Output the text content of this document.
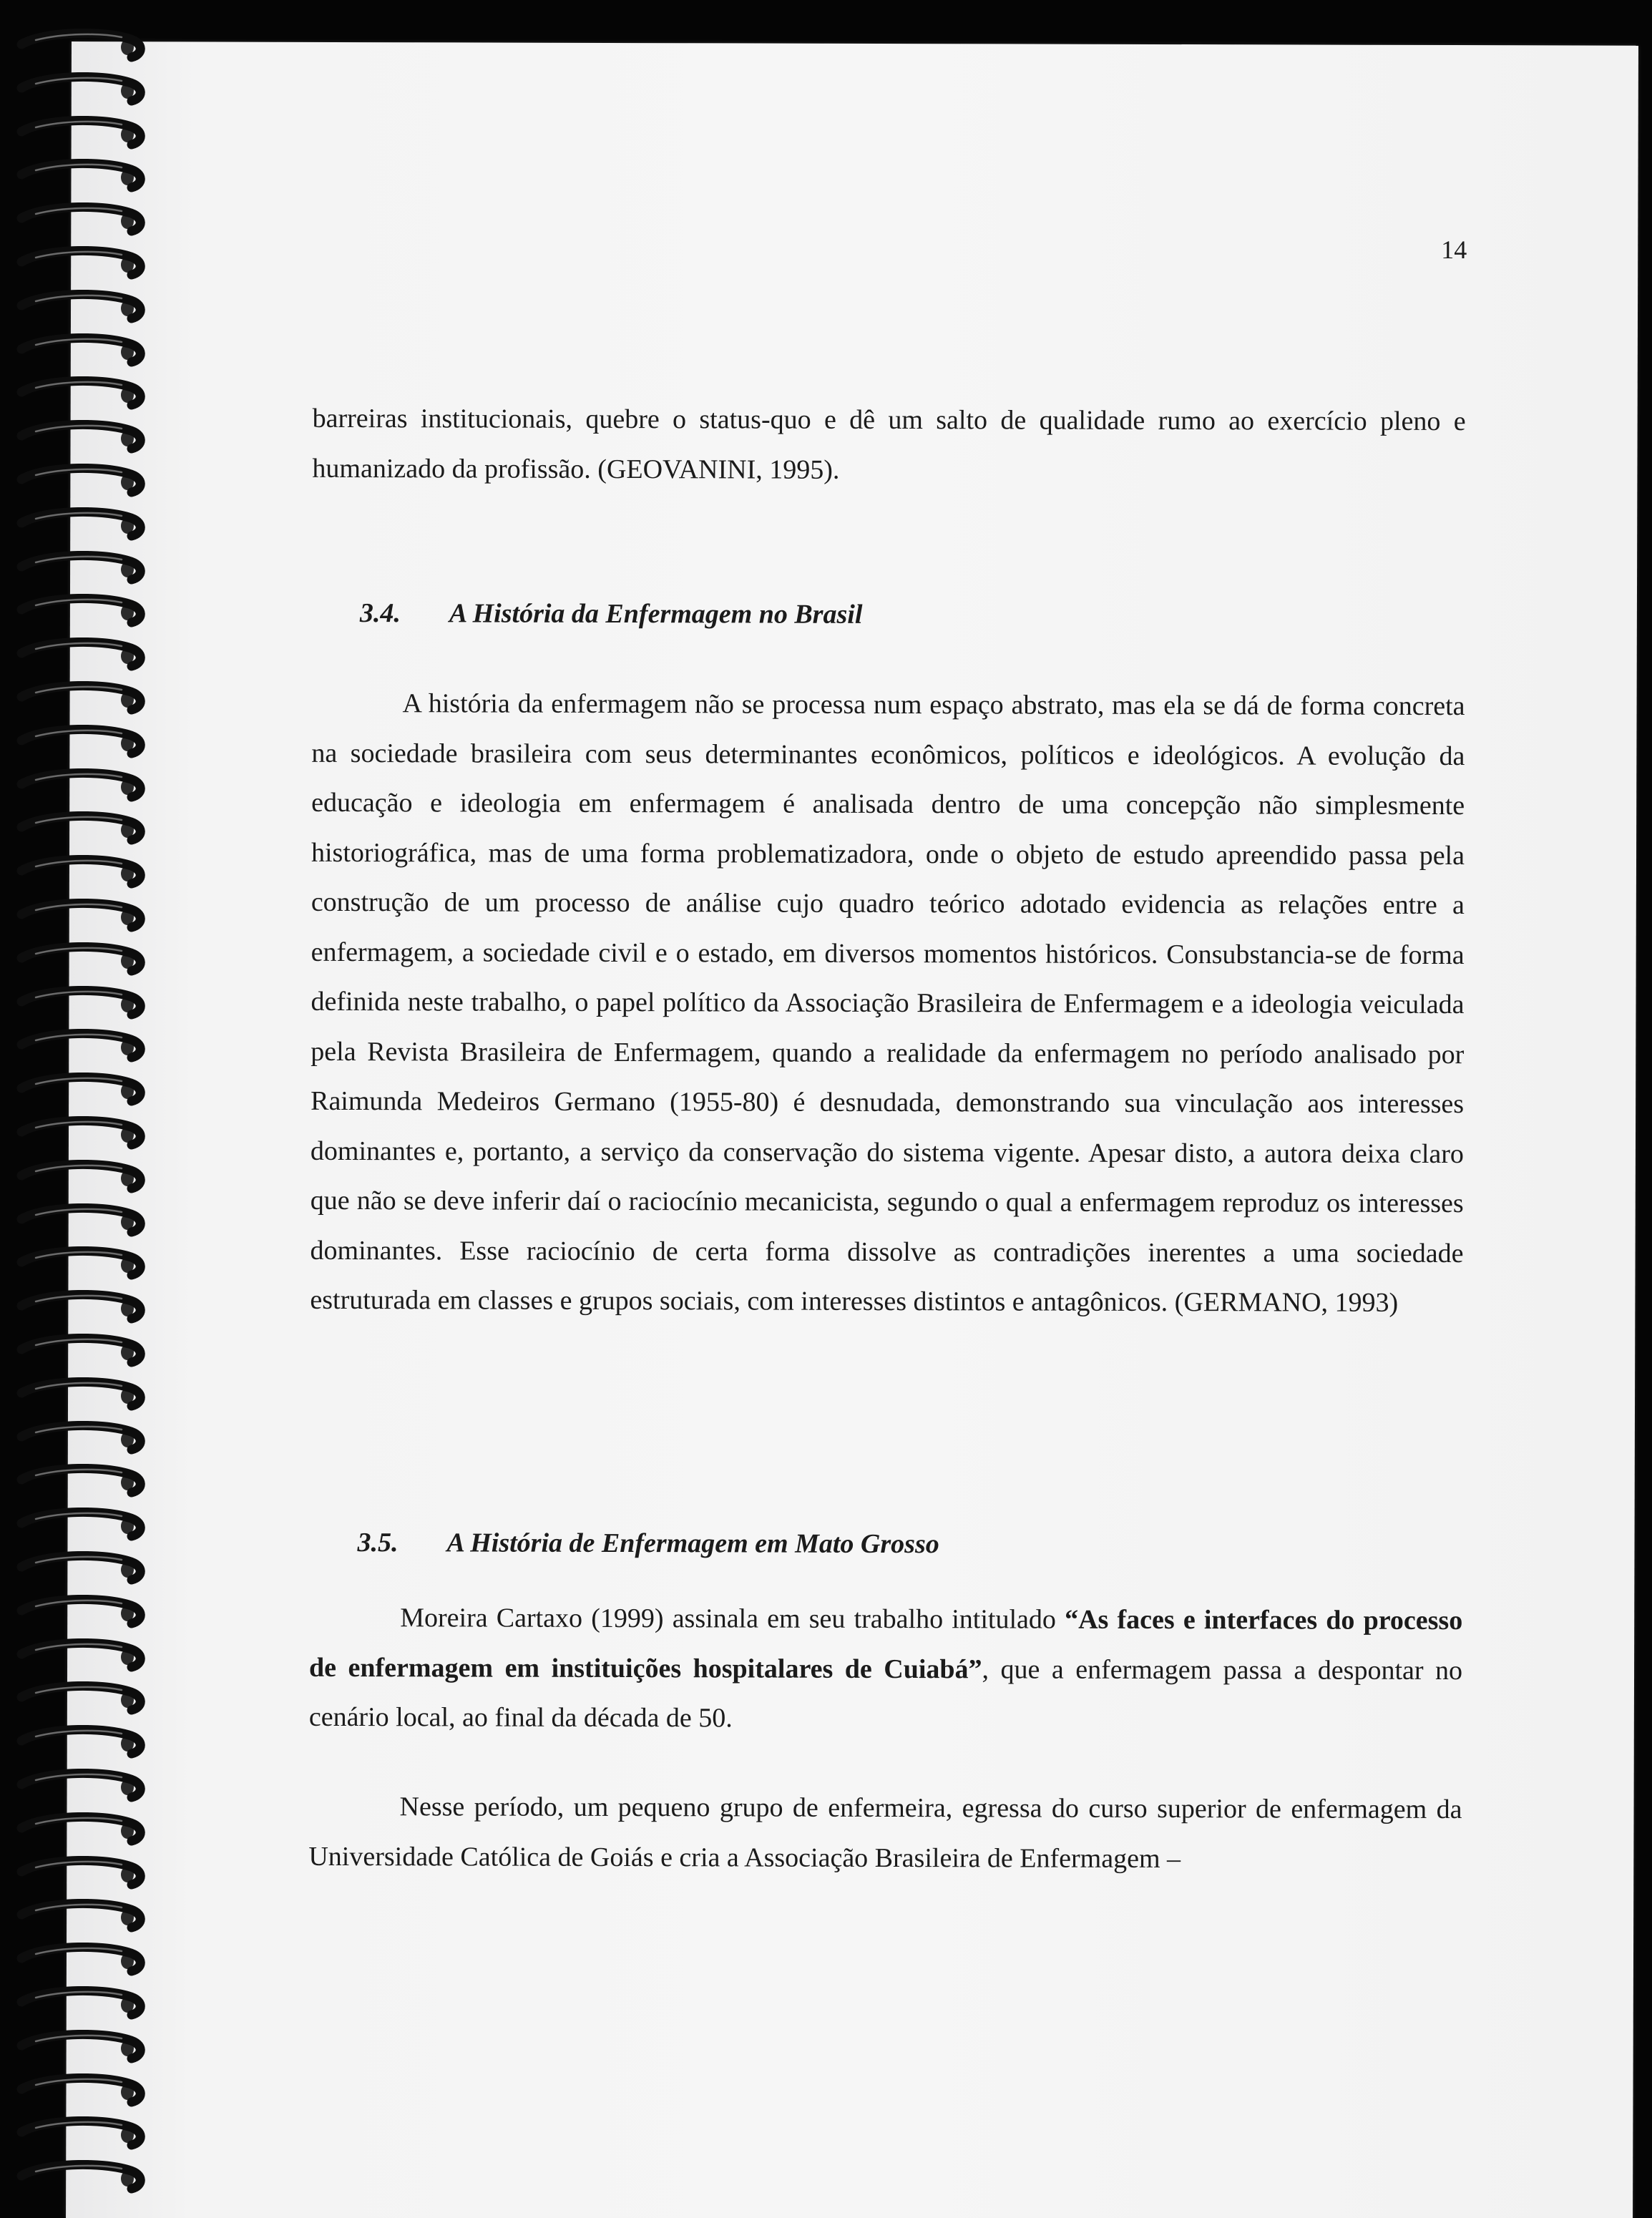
14

barreiras institucionais, quebre o status-quo e dê um salto de qualidade rumo ao exercício pleno e humanizado da profissão. (GEOVANINI, 1995).

3.4. A História da Enfermagem no Brasil

A história da enfermagem não se processa num espaço abstrato, mas ela se dá de forma concreta na sociedade brasileira com seus determinantes econômicos, políticos e ideológicos. A evolução da educação e ideologia em enfermagem é analisada dentro de uma concepção não simplesmente historiográfica, mas de uma forma problematizadora, onde o objeto de estudo apreendido passa pela construção de um processo de análise cujo quadro teórico adotado evidencia as relações entre a enfermagem, a sociedade civil e o estado, em diversos momentos históricos. Consubstancia-se de forma definida neste trabalho, o papel político da Associação Brasileira de Enfermagem e a ideologia veiculada pela Revista Brasileira de Enfermagem, quando a realidade da enfermagem no período analisado por Raimunda Medeiros Germano (1955-80) é desnudada, demonstrando sua vinculação aos interesses dominantes e, portanto, a serviço da conservação do sistema vigente. Apesar disto, a autora deixa claro que não se deve inferir daí o raciocínio mecanicista, segundo o qual a enfermagem reproduz os interesses dominantes. Esse raciocínio de certa forma dissolve as contradições inerentes a uma sociedade estruturada em classes e grupos sociais, com interesses distintos e antagônicos. (GERMANO, 1993)

3.5. A História de Enfermagem em Mato Grosso

Moreira Cartaxo (1999) assinala em seu trabalho intitulado “As faces e interfaces do processo de enfermagem em instituições hospitalares de Cuiabá”, que a enfermagem passa a despontar no cenário local, ao final da década de 50.

Nesse período, um pequeno grupo de enfermeira, egressa do curso superior de enfermagem da Universidade Católica de Goiás e cria a Associação Brasileira de Enfermagem –
